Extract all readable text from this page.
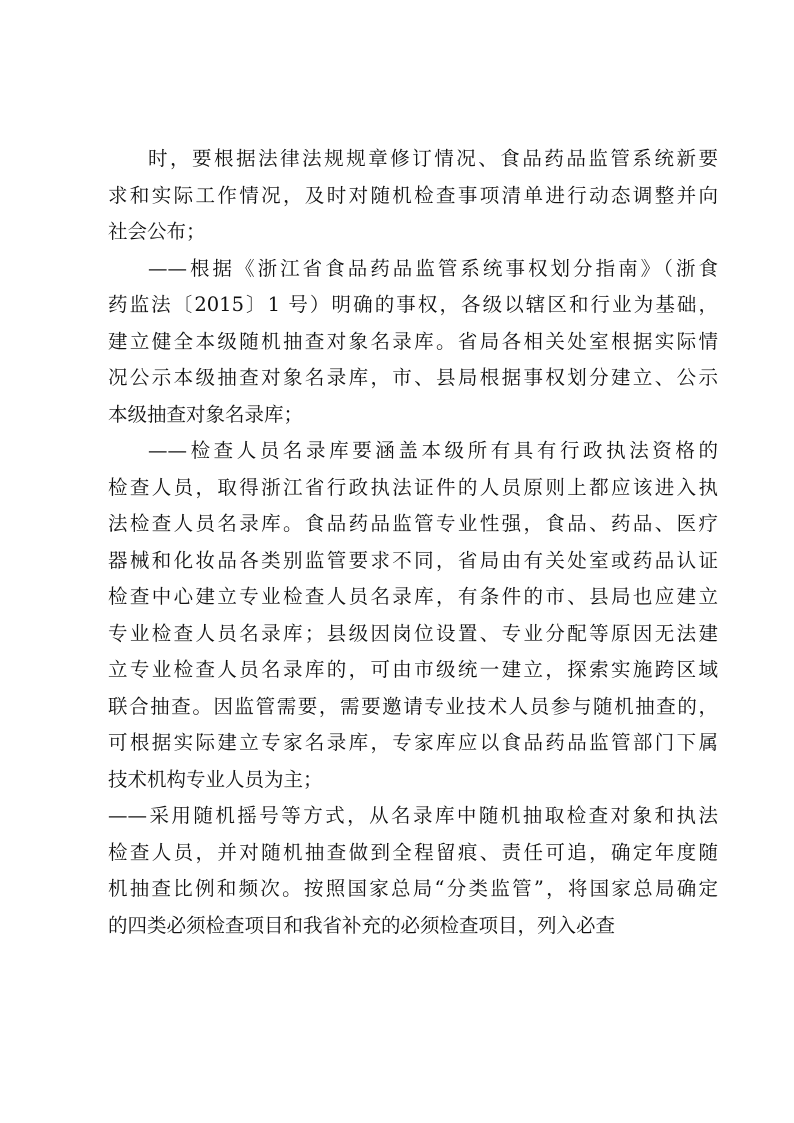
时，要根据法律法规规章修订情况、食品药品监管系统新要
求和实际工作情况，及时对随机检查事项清单进行动态调整并向
社会公布；
——根据《浙江省食品药品监管系统事权划分指南》（浙食
药监法〔2015〕1 号）明确的事权，各级以辖区和行业为基础，
建立健全本级随机抽查对象名录库。省局各相关处室根据实际情
况公示本级抽查对象名录库，市、县局根据事权划分建立、公示
本级抽查对象名录库；
——检查人员名录库要涵盖本级所有具有行政执法资格的
检查人员，取得浙江省行政执法证件的人员原则上都应该进入执
法检查人员名录库。食品药品监管专业性强，食品、药品、医疗
器械和化妆品各类别监管要求不同，省局由有关处室或药品认证
检查中心建立专业检查人员名录库，有条件的市、县局也应建立
专业检查人员名录库；县级因岗位设置、专业分配等原因无法建
立专业检查人员名录库的，可由市级统一建立，探索实施跨区域
联合抽查。因监管需要，需要邀请专业技术人员参与随机抽查的，
可根据实际建立专家名录库，专家库应以食品药品监管部门下属
技术机构专业人员为主；
——采用随机摇号等方式，从名录库中随机抽取检查对象和执法
检查人员，并对随机抽查做到全程留痕、责任可追，确定年度随
机抽查比例和频次。按照国家总局“分类监管”，将国家总局确定
的四类必须检查项目和我省补充的必须检查项目，列入必查
